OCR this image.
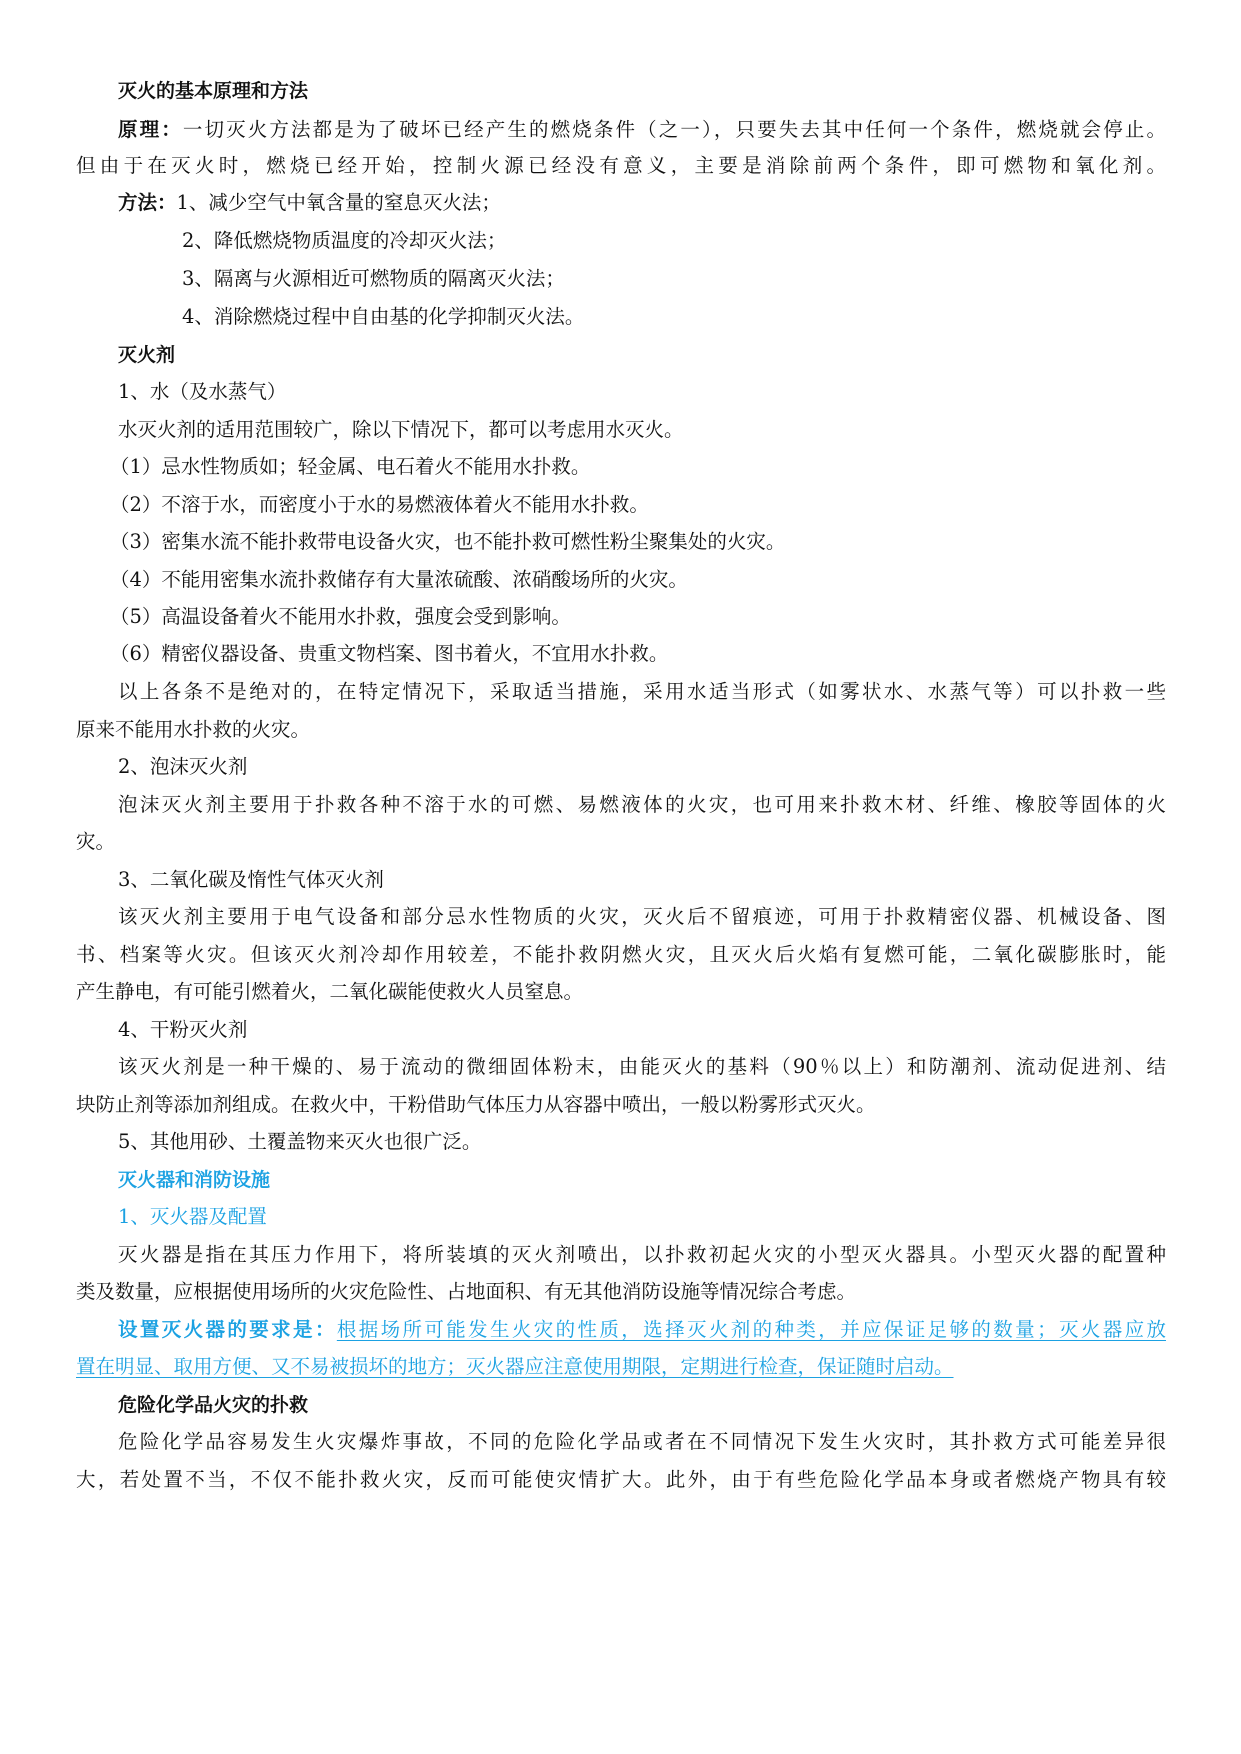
灭火的基本原理和方法
原理：一切灭火方法都是为了破坏已经产生的燃烧条件（之一），只要失去其中任何一个条件，燃烧就会停止。
但由于在灭火时，燃烧已经开始，控制火源已经没有意义，主要是消除前两个条件，即可燃物和氧化剂。
方法：1、减少空气中氧含量的窒息灭火法；
2、降低燃烧物质温度的冷却灭火法；
3、隔离与火源相近可燃物质的隔离灭火法；
4、消除燃烧过程中自由基的化学抑制灭火法。
灭火剂
1、水（及水蒸气）
水灭火剂的适用范围较广，除以下情况下，都可以考虑用水灭火。
（1）忌水性物质如；轻金属、电石着火不能用水扑救。
（2）不溶于水，而密度小于水的易燃液体着火不能用水扑救。
（3）密集水流不能扑救带电设备火灾，也不能扑救可燃性粉尘聚集处的火灾。
（4）不能用密集水流扑救储存有大量浓硫酸、浓硝酸场所的火灾。
（5）高温设备着火不能用水扑救，强度会受到影响。
（6）精密仪器设备、贵重文物档案、图书着火，不宜用水扑救。
以上各条不是绝对的，在特定情况下，采取适当措施，采用水适当形式（如雾状水、水蒸气等）可以扑救一些
原来不能用水扑救的火灾。
2、泡沫灭火剂
泡沫灭火剂主要用于扑救各种不溶于水的可燃、易燃液体的火灾，也可用来扑救木材、纤维、橡胶等固体的火
灾。
3、二氧化碳及惰性气体灭火剂
该灭火剂主要用于电气设备和部分忌水性物质的火灾，灭火后不留痕迹，可用于扑救精密仪器、机械设备、图
书、档案等火灾。但该灭火剂冷却作用较差，不能扑救阴燃火灾，且灭火后火焰有复燃可能，二氧化碳膨胀时，能
产生静电，有可能引燃着火，二氧化碳能使救火人员窒息。
4、干粉灭火剂
该灭火剂是一种干燥的、易于流动的微细固体粉末，由能灭火的基料（90％以上）和防潮剂、流动促进剂、结
块防止剂等添加剂组成。在救火中，干粉借助气体压力从容器中喷出，一般以粉雾形式灭火。
5、其他用砂、土覆盖物来灭火也很广泛。
灭火器和消防设施
1、灭火器及配置
灭火器是指在其压力作用下，将所装填的灭火剂喷出，以扑救初起火灾的小型灭火器具。小型灭火器的配置种
类及数量，应根据使用场所的火灾危险性、占地面积、有无其他消防设施等情况综合考虑。
设置灭火器的要求是：根据场所可能发生火灾的性质，选择灭火剂的种类，并应保证足够的数量；灭火器应放
置在明显、取用方便、又不易被损坏的地方；灭火器应注意使用期限，定期进行检查，保证随时启动。
危险化学品火灾的扑救
危险化学品容易发生火灾爆炸事故，不同的危险化学品或者在不同情况下发生火灾时，其扑救方式可能差异很
大，若处置不当，不仅不能扑救火灾，反而可能使灾情扩大。此外，由于有些危险化学品本身或者燃烧产物具有较
